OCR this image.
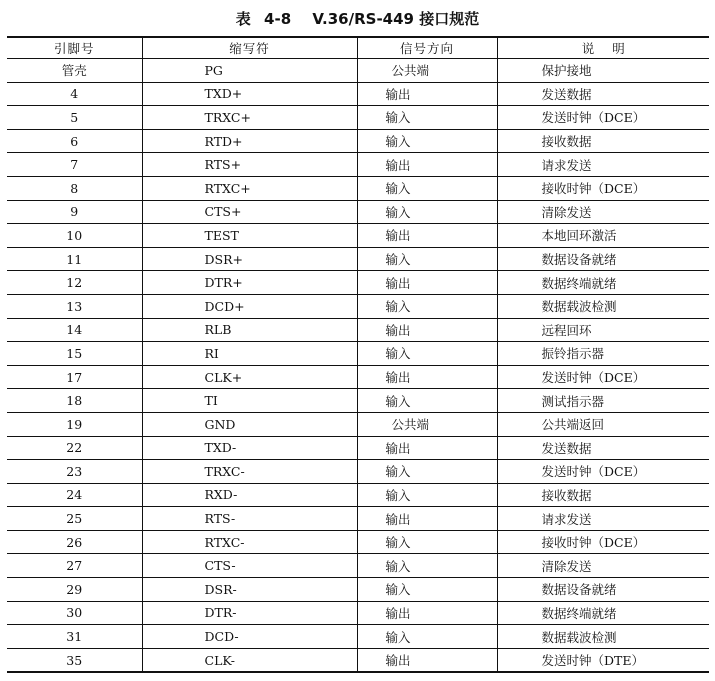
表 4-8 V.36/RS-449 接口规范
引脚号	缩写符	信号方向	说明
管壳	PG	公共端	保护接地
4	TXD+	输出	发送数据
5	TRXC+	输入	发送时钟（DCE）
6	RTD+	输入	接收数据
7	RTS+	输出	请求发送
8	RTXC+	输入	接收时钟（DCE）
9	CTS+	输入	清除发送
10	TEST	输出	本地回环激活
11	DSR+	输入	数据设备就绪
12	DTR+	输出	数据终端就绪
13	DCD+	输入	数据载波检测
14	RLB	输出	远程回环
15	RI	输入	振铃指示器
17	CLK+	输出	发送时钟（DCE）
18	TI	输入	测试指示器
19	GND	公共端	公共端返回
22	TXD-	输出	发送数据
23	TRXC-	输入	发送时钟（DCE）
24	RXD-	输入	接收数据
25	RTS-	输出	请求发送
26	RTXC-	输入	接收时钟（DCE）
27	CTS-	输入	清除发送
29	DSR-	输入	数据设备就绪
30	DTR-	输出	数据终端就绪
31	DCD-	输入	数据载波检测
35	CLK-	输出	发送时钟（DTE）
